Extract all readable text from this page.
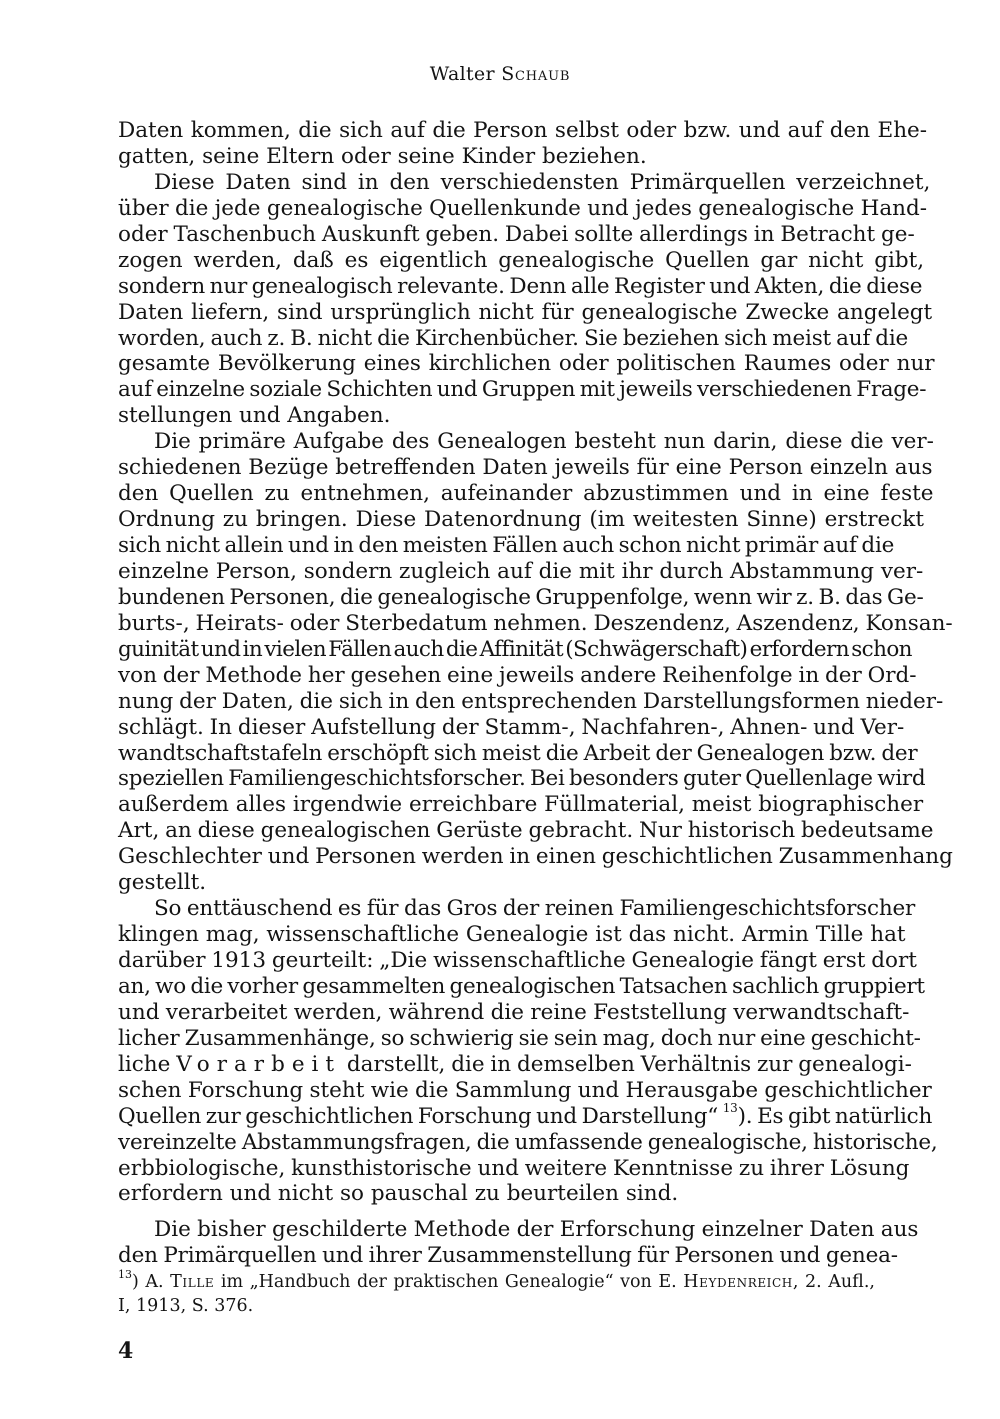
Walter Schaub
Daten kommen, die sich auf die Person selbst oder bzw. und auf den Ehe-
gatten, seine Eltern oder seine Kinder beziehen.
Diese Daten sind in den verschiedensten Primärquellen verzeichnet,
über die jede genealogische Quellenkunde und jedes genealogische Hand-
oder Taschenbuch Auskunft geben. Dabei sollte allerdings in Betracht ge-
zogen werden, daß es eigentlich genealogische Quellen gar nicht gibt,
sondern nur genealogisch relevante. Denn alle Register und Akten, die diese
Daten liefern, sind ursprünglich nicht für genealogische Zwecke angelegt
worden, auch z. B. nicht die Kirchenbücher. Sie beziehen sich meist auf die
gesamte Bevölkerung eines kirchlichen oder politischen Raumes oder nur
auf einzelne soziale Schichten und Gruppen mit jeweils verschiedenen Frage-
stellungen und Angaben.
Die primäre Aufgabe des Genealogen besteht nun darin, diese die ver-
schiedenen Bezüge betreffenden Daten jeweils für eine Person einzeln aus
den Quellen zu entnehmen, aufeinander abzustimmen und in eine feste
Ordnung zu bringen. Diese Datenordnung (im weitesten Sinne) erstreckt
sich nicht allein und in den meisten Fällen auch schon nicht primär auf die
einzelne Person, sondern zugleich auf die mit ihr durch Abstammung ver-
bundenen Personen, die genealogische Gruppenfolge, wenn wir z. B. das Ge-
burts-, Heirats- oder Sterbedatum nehmen. Deszendenz, Aszendenz, Konsan-
guinität und in vielen Fällen auch die Affinität (Schwägerschaft) erfordern schon
von der Methode her gesehen eine jeweils andere Reihenfolge in der Ord-
nung der Daten, die sich in den entsprechenden Darstellungsformen nieder-
schlägt. In dieser Aufstellung der Stamm-, Nachfahren-, Ahnen- und Ver-
wandtschaftstafeln erschöpft sich meist die Arbeit der Genealogen bzw. der
speziellen Familiengeschichtsforscher. Bei besonders guter Quellenlage wird
außerdem alles irgendwie erreichbare Füllmaterial, meist biographischer
Art, an diese genealogischen Gerüste gebracht. Nur historisch bedeutsame
Geschlechter und Personen werden in einen geschichtlichen Zusammenhang
gestellt.
So enttäuschend es für das Gros der reinen Familiengeschichtsforscher
klingen mag, wissenschaftliche Genealogie ist das nicht. Armin Tille hat
darüber 1913 geurteilt: „Die wissenschaftliche Genealogie fängt erst dort
an, wo die vorher gesammelten genealogischen Tatsachen sachlich gruppiert
und verarbeitet werden, während die reine Feststellung verwandtschaft-
licher Zusammenhänge, so schwierig sie sein mag, doch nur eine geschicht-
liche Vorarbeit darstellt, die in demselben Verhältnis zur genealogi-
schen Forschung steht wie die Sammlung und Herausgabe geschichtlicher
Quellen zur geschichtlichen Forschung und Darstellung“ $^{13}$). Es gibt natürlich
vereinzelte Abstammungsfragen, die umfassende genealogische, historische,
erbbiologische, kunsthistorische und weitere Kenntnisse zu ihrer Lösung
erfordern und nicht so pauschal zu beurteilen sind.
Die bisher geschilderte Methode der Erforschung einzelner Daten aus
den Primärquellen und ihrer Zusammenstellung für Personen und genea-
$^{13}$) A. Tille im „Handbuch der praktischen Genealogie“ von E. Heydenreich, 2. Aufl.,
I, 1913, S. 376.
4
